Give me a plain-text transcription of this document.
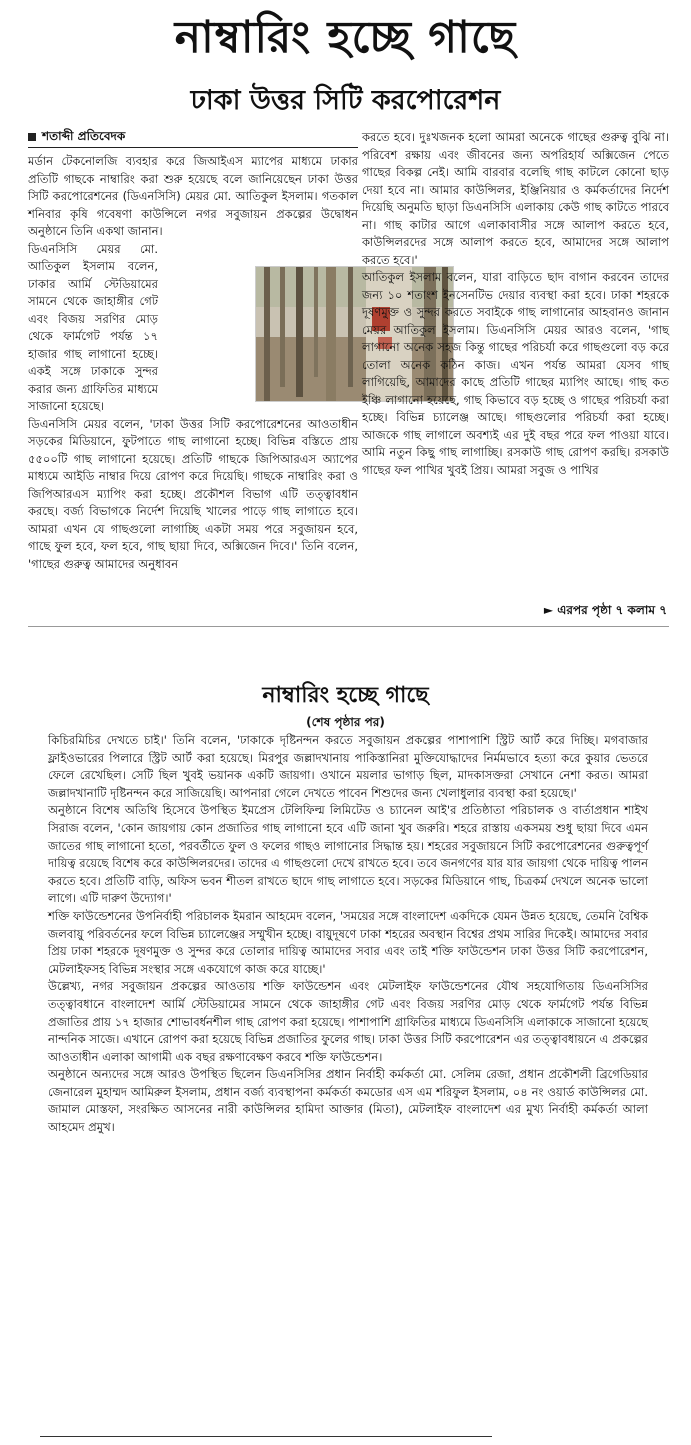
নাম্বারিং হচ্ছে গাছে
ঢাকা উত্তর সিটি করপোরেশন
শতাব্দী প্রতিবেদক

মর্ডান টেকনোলজি ব্যবহার করে জিআইএস ম্যাপের মাধ্যমে ঢাকার প্রতিটি গাছকে নাম্বারিং করা শুরু হয়েছে বলে জানিয়েছেন ঢাকা উত্তর সিটি করপোরেশনের (ডিএনসিসি) মেয়র মো. আতিকুল ইসলাম। গতকাল শনিবার কৃষি গবেষণা কাউন্সিলে নগর সবুজায়ন প্রকল্পের উদ্বোধন অনুষ্ঠানে তিনি একথা জানান।

ডিএনসিসি মেয়র মো. আতিকুল ইসলাম বলেন, ঢাকার আর্মি স্টেডিয়ামের সামনে থেকে জাহাঙ্গীর গেট এবং বিজয় সরণির মোড় থেকে ফার্মগেট পর্যন্ত ১৭ হাজার গাছ লাগানো হচ্ছে। একই সঙ্গে ঢাকাকে সুন্দর করার জন্য গ্রাফিতির মাধ্যমে সাজানো হয়েছে।

ডিএনসিসি মেয়র বলেন, 'ঢাকা উত্তর সিটি করপোরেশনের আওতাধীন সড়কের মিডিয়ানে, ফুটপাতে গাছ লাগানো হচ্ছে। বিভিন্ন বস্তিতে প্রায় ৫৫০০টি গাছ লাগানো হয়েছে। প্রতিটি গাছকে জিপিআরএস অ্যাপের মাধ্যমে আইডি নাম্বার দিয়ে রোপণ করে দিয়েছি। গাছকে নাম্বারিং করা ও জিপিআরএস ম্যাপিং করা হচ্ছে। প্রকৌশল বিভাগ এটি তত্ত্বাবধান করছে। বর্জ্য বিভাগকে নির্দেশ দিয়েছি খালের পাড়ে গাছ লাগাতে হবে। আমরা এখন যে গাছগুলো লাগাচ্ছি একটা সময় পরে সবুজায়ন হবে, গাছে ফুল হবে, ফল হবে, গাছ ছায়া দিবে, অক্সিজেন দিবে।' তিনি বলেন, 'গাছের গুরুত্ব আমাদের অনুধাবন

করতে হবে। দুঃখজনক হলো আমরা অনেকে গাছের গুরুত্ব বুঝি না। পরিবেশ রক্ষায় এবং জীবনের জন্য অপরিহার্য অক্সিজেন পেতে গাছের বিকল্প নেই। আমি বারবার বলেছি গাছ কাটলে কোনো ছাড় দেয়া হবে না। আমার কাউন্সিলর, ইঞ্জিনিয়ার ও কর্মকর্তাদের নির্দেশ দিয়েছি অনুমতি ছাড়া ডিএনসিসি এলাকায় কেউ গাছ কাটতে পারবে না। গাছ কাটার আগে এলাকাবাসীর সঙ্গে আলাপ করতে হবে, কাউন্সিলরদের সঙ্গে আলাপ করতে হবে, আমাদের সঙ্গে আলাপ করতে হবে।'

আতিকুল ইসলাম বলেন, যারা বাড়িতে ছাদ বাগান করবেন তাদের জন্য ১০ শতাংশ ইনসেনটিভ দেয়ার ব্যবস্থা করা হবে। ঢাকা শহরকে দূষণমুক্ত ও সুন্দর করতে সবাইকে গাছ লাগানোর আহবানও জানান মেয়র আতিকুল ইসলাম। ডিএনসিসি মেয়র আরও বলেন, 'গাছ লাগানো অনেক সহজ কিন্তু গাছের পরিচর্যা করে গাছগুলো বড় করে তোলা অনেক কঠিন কাজ। এখন পর্যন্ত আমরা যেসব গাছ লাগিয়েছি, আমাদের কাছে প্রতিটি গাছের ম্যাপিং আছে। গাছ কত ইঞ্চি লাগানো হয়েছে, গাছ কিভাবে বড় হচ্ছে ও গাছের পরিচর্যা করা হচ্ছে। বিভিন্ন চ্যালেঞ্জ আছে। গাছগুলোর পরিচর্যা করা হচ্ছে। আজকে গাছ লাগালে অবশ্যই এর দুই বছর পরে ফল পাওয়া যাবে। আমি নতুন কিছু গাছ লাগাচ্ছি। রসকাউ গাছ রোপণ করছি। রসকাউ গাছের ফল পাখির খুবই প্রিয়। আমরা সবুজ ও পাখির

► এরপর পৃষ্ঠা ৭ কলাম ৭
নাম্বারিং হচ্ছে গাছে
(শেষ পৃষ্ঠার পর)

কিচিরমিচির দেখতে চাই।' তিনি বলেন, 'ঢাকাকে দৃষ্টিনন্দন করতে সবুজায়ন প্রকল্পের পাশাপাশি স্ট্রিট আর্ট করে দিচ্ছি। মগবাজার ফ্লাইওভারের পিলারে স্ট্রিট আর্ট করা হয়েছে। মিরপুর জল্লাদখানায় পাকিস্তানিরা মুক্তিযোদ্ধাদের নির্মমভাবে হত্যা করে কুয়ার ভেতরে ফেলে রেখেছিল। সেটি ছিল খুবই ভয়ানক একটি জায়গা। ওখানে ময়লার ভাগাড় ছিল, মাদকাসক্তরা সেখানে নেশা করত। আমরা জল্লাদখানাটি দৃষ্টিনন্দন করে সাজিয়েছি। আপনারা গেলে দেখতে পাবেন শিশুদের জন্য খেলাধুলার ব্যবস্থা করা হয়েছে।'

অনুষ্ঠানে বিশেষ অতিথি হিসেবে উপস্থিত ইমপ্রেস টেলিফিল্ম লিমিটেড ও চ্যানেল আই'র প্রতিষ্ঠাতা পরিচালক ও বার্তাপ্রধান শাইখ সিরাজ বলেন, 'কোন জায়গায় কোন প্রজাতির গাছ লাগানো হবে এটি জানা খুব জরুরি। শহরে রাস্তায় একসময় শুধু ছায়া দিবে এমন জাতের গাছ লাগানো হতো, পরবর্তীতে ফুল ও ফলের গাছও লাগানোর সিদ্ধান্ত হয়। শহরের সবুজায়নে সিটি করপোরেশনের গুরুত্বপূর্ণ দায়িত্ব রয়েছে বিশেষ করে কাউন্সিলরদের। তাদের এ গাছগুলো দেখে রাখতে হবে। তবে জনগণের যার যার জায়গা থেকে দায়িত্ব পালন করতে হবে। প্রতিটি বাড়ি, অফিস ভবন শীতল রাখতে ছাদে গাছ লাগাতে হবে। সড়কের মিডিয়ানে গাছ, চিত্রকর্ম দেখলে অনেক ভালো লাগে। এটি দারুণ উদ্যোগ।'

শক্তি ফাউন্ডেশনের উপনির্বাহী পরিচালক ইমরান আহমেদ বলেন, 'সময়ের সঙ্গে বাংলাদেশ একদিকে যেমন উন্নত হয়েছে, তেমনি বৈশ্বিক জলবায়ু পরিবর্তনের ফলে বিভিন্ন চ্যালেঞ্জের সম্মুখীন হচ্ছে। বায়ুদূষণে ঢাকা শহরের অবস্থান বিশ্বের প্রথম সারির দিকেই। আমাদের সবার প্রিয় ঢাকা শহরকে দূষণমুক্ত ও সুন্দর করে তোলার দায়িত্ব আমাদের সবার এবং তাই শক্তি ফাউন্ডেশন ঢাকা উত্তর সিটি করপোরেশন, মেটলাইফসহ বিভিন্ন সংস্থার সঙ্গে একযোগে কাজ করে যাচ্ছে।'

উল্লেখ্য, নগর সবুজায়ন প্রকল্পের আওতায় শক্তি ফাউন্ডেশন এবং মেটলাইফ ফাউন্ডেশনের যৌথ সহযোগিতায় ডিএনসিসির তত্ত্বাবধানে বাংলাদেশ আর্মি স্টেডিয়ামের সামনে থেকে জাহাঙ্গীর গেট এবং বিজয় সরণির মোড় থেকে ফার্মগেট পর্যন্ত বিভিন্ন প্রজাতির প্রায় ১৭ হাজার শোভাবর্ধনশীল গাছ রোপণ করা হয়েছে। পাশাপাশি গ্রাফিতির মাধ্যমে ডিএনসিসি এলাকাকে সাজানো হয়েছে নান্দনিক সাজে। এখানে রোপণ করা হয়েছে বিভিন্ন প্রজাতির ফুলের গাছ। ঢাকা উত্তর সিটি করপোরেশন এর তত্ত্বাবধায়নে এ প্রকল্পের আওতাধীন এলাকা আগামী এক বছর রক্ষণাবেক্ষণ করবে শক্তি ফাউন্ডেশন।

অনুষ্ঠানে অন্যদের সঙ্গে আরও উপস্থিত ছিলেন ডিএনসিসির প্রধান নির্বাহী কর্মকর্তা মো. সেলিম রেজা, প্রধান প্রকৌশলী ব্রিগেডিয়ার জেনারেল মুহাম্মদ আমিরুল ইসলাম, প্রধান বর্জ্য ব্যবস্থাপনা কর্মকর্তা কমডোর এস এম শরিফুল ইসলাম, ০৪ নং ওয়ার্ড কাউন্সিলর মো. জামাল মোস্তফা, সংরক্ষিত আসনের নারী কাউন্সিলর হামিদা আক্তার (মিতা), মেটলাইফ বাংলাদেশ এর মুখ্য নির্বাহী কর্মকর্তা আলা আহমেদ প্রমুখ।
